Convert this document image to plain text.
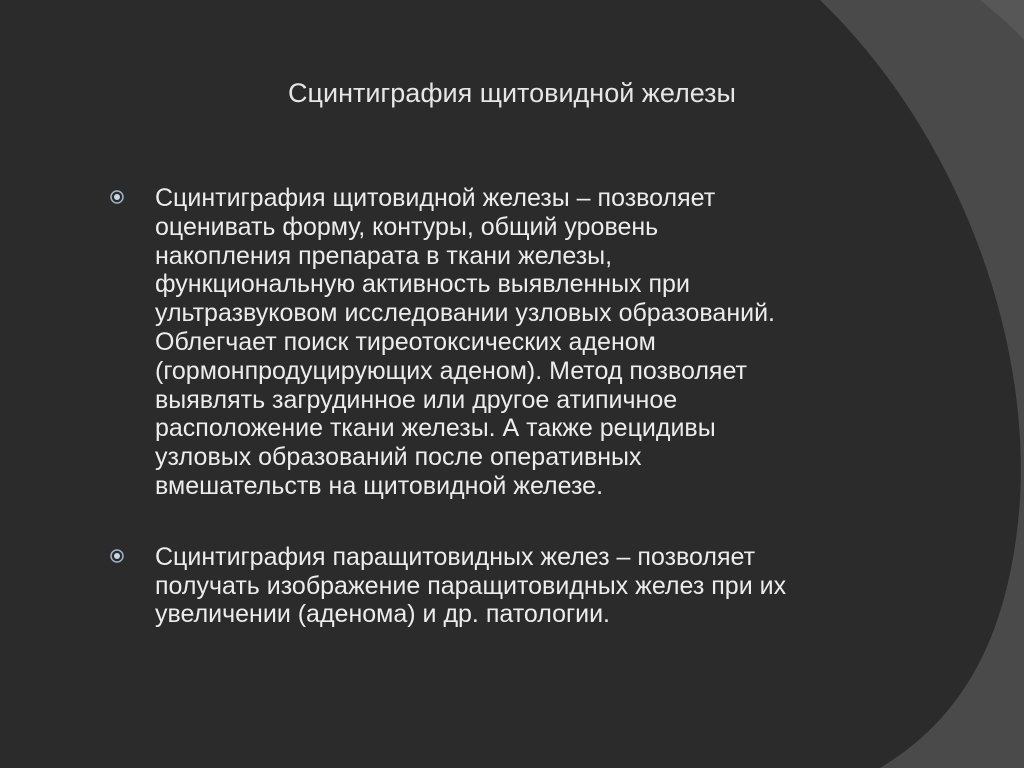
Сцинтиграфия щитовидной железы

Сцинтиграфия щитовидной железы – позволяет
оценивать форму, контуры, общий уровень
накопления препарата в ткани железы,
функциональную активность выявленных при
ультразвуковом исследовании узловых образований.
Облегчает поиск тиреотоксических аденом
(гормонпродуцирующих аденом). Метод позволяет
выявлять загрудинное или другое атипичное
расположение ткани железы. А также рецидивы
узловых образований после оперативных
вмешательств на щитовидной железе.

Сцинтиграфия паращитовидных желез – позволяет
получать изображение паращитовидных желез при их
увеличении (аденома) и др. патологии.
